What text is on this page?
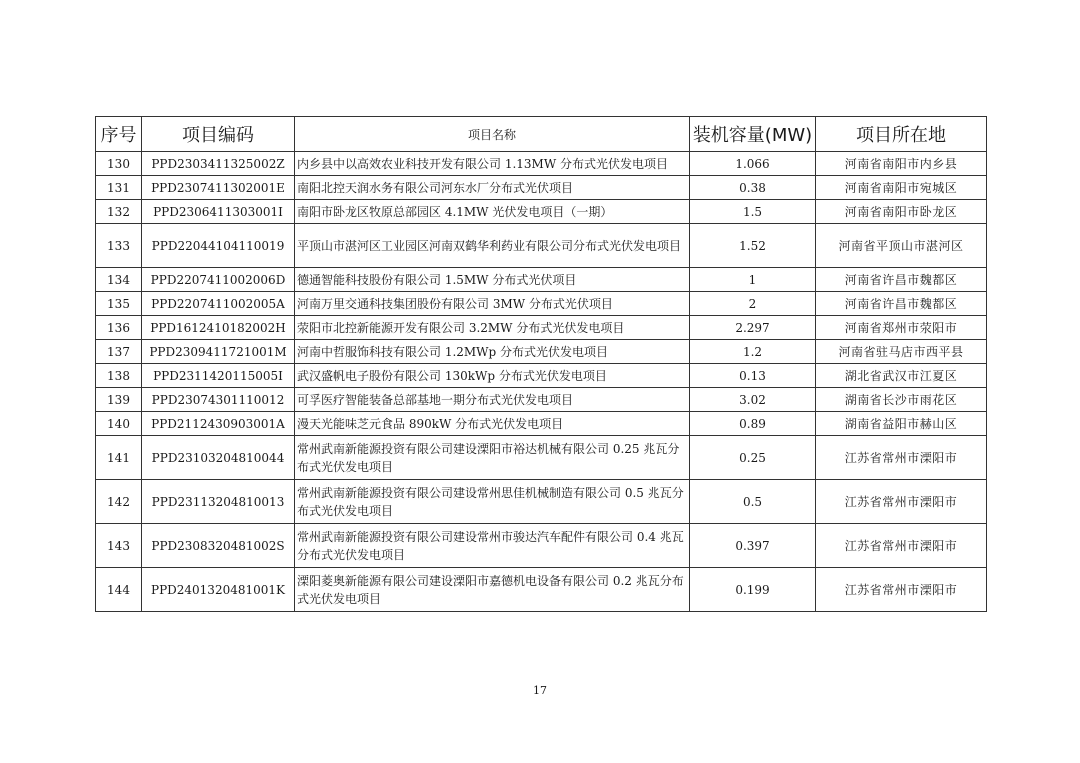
序号	项目编码	项目名称	装机容量(MW)	项目所在地
130	PPD2303411325002Z	内乡县中以高效农业科技开发有限公司 1.13MW 分布式光伏发电项目	1.066	河南省南阳市内乡县
131	PPD2307411302001E	南阳北控天润水务有限公司河东水厂分布式光伏项目	0.38	河南省南阳市宛城区
132	PPD2306411303001I	南阳市卧龙区牧原总部园区 4.1MW 光伏发电项目（一期）	1.5	河南省南阳市卧龙区
133	PPD22044104110019	平顶山市湛河区工业园区河南双鹤华利药业有限公司分布式光伏发电项目	1.52	河南省平顶山市湛河区
134	PPD2207411002006D	德通智能科技股份有限公司 1.5MW 分布式光伏项目	1	河南省许昌市魏都区
135	PPD2207411002005A	河南万里交通科技集团股份有限公司 3MW 分布式光伏项目	2	河南省许昌市魏都区
136	PPD1612410182002H	荥阳市北控新能源开发有限公司 3.2MW 分布式光伏发电项目	2.297	河南省郑州市荥阳市
137	PPD2309411721001M	河南中哲服饰科技有限公司 1.2MWp 分布式光伏发电项目	1.2	河南省驻马店市西平县
138	PPD2311420115005I	武汉盛帆电子股份有限公司 130kWp 分布式光伏发电项目	0.13	湖北省武汉市江夏区
139	PPD23074301110012	可孚医疗智能装备总部基地一期分布式光伏发电项目	3.02	湖南省长沙市雨花区
140	PPD2112430903001A	漫天光能味芝元食品 890kW 分布式光伏发电项目	0.89	湖南省益阳市赫山区
141	PPD23103204810044	常州武南新能源投资有限公司建设溧阳市裕达机械有限公司 0.25 兆瓦分布式光伏发电项目	0.25	江苏省常州市溧阳市
142	PPD23113204810013	常州武南新能源投资有限公司建设常州思佳机械制造有限公司 0.5 兆瓦分布式光伏发电项目	0.5	江苏省常州市溧阳市
143	PPD2308320481002S	常州武南新能源投资有限公司建设常州市骏达汽车配件有限公司 0.4 兆瓦分布式光伏发电项目	0.397	江苏省常州市溧阳市
144	PPD2401320481001K	溧阳菱奥新能源有限公司建设溧阳市嘉德机电设备有限公司 0.2 兆瓦分布式光伏发电项目	0.199	江苏省常州市溧阳市
17
